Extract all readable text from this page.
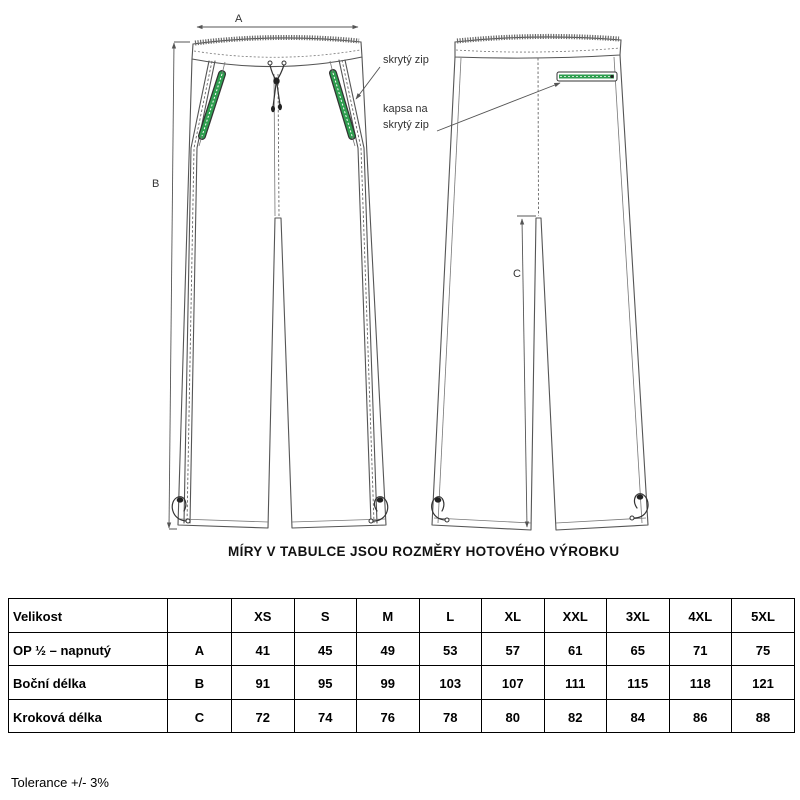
A
B
skrytý zip
kapsa na
skrytý zip
C
MÍRY V TABULCE JSOU ROZMĚRY HOTOVÉHO VÝROBKU
Velikost		XS	S	M	L	XL	XXL	3XL	4XL	5XL
OP ½ – napnutý	A	41	45	49	53	57	61	65	71	75
Boční délka	B	91	95	99	103	107	111	115	118	121
Kroková délka	C	72	74	76	78	80	82	84	86	88
Tolerance +/- 3%
